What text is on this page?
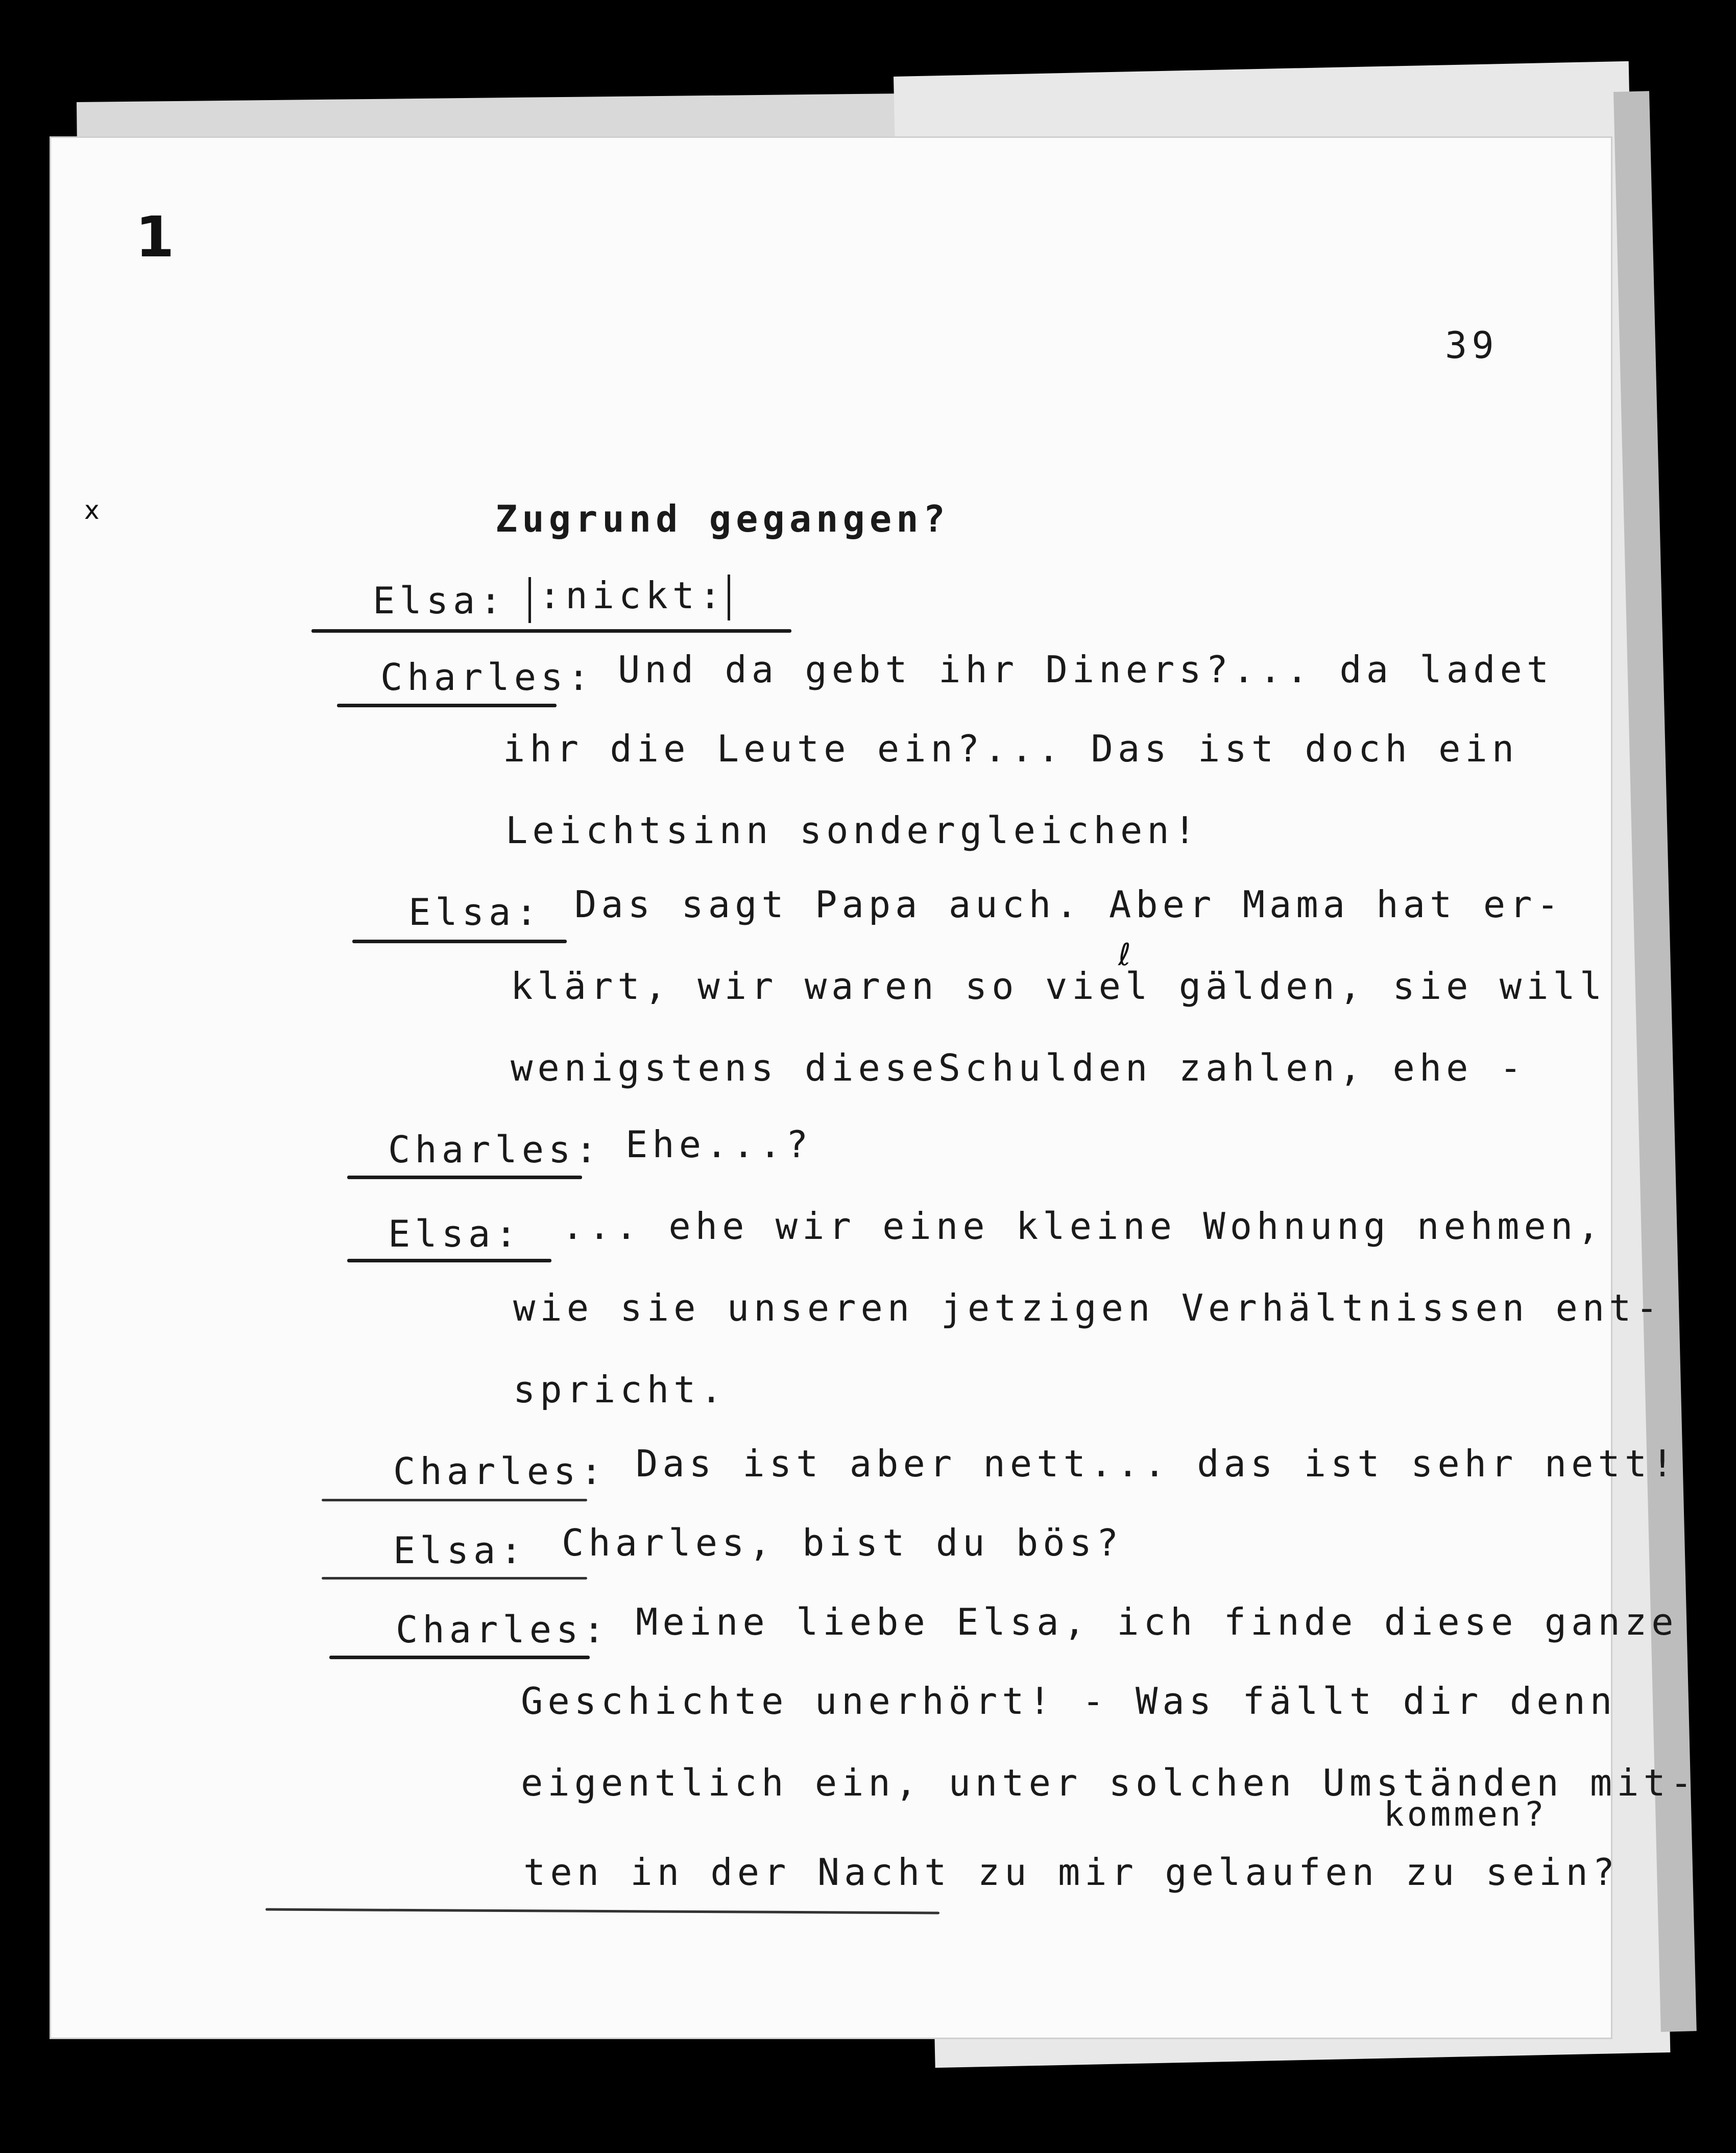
1
x
39
Zugrund gegangen?
Elsa: :nickt:
Charles: Und da gebt ihr Diners?... da ladet
ihr die Leute ein?... Das ist doch ein
Leichtsinn sondergleichen!
Elsa: Das sagt Papa auch. Aber Mama hat er-
ℓ
klärt, wir waren so viel gälden, sie will
wenigstens dieseSchulden zahlen, ehe -
Charles: Ehe...?
Elsa: ... ehe wir eine kleine Wohnung nehmen,
wie sie unseren jetzigen Verhältnissen ent-
spricht.
Charles: Das ist aber nett... das ist sehr nett!
Elsa: Charles, bist du bös?
Charles: Meine liebe Elsa, ich finde diese ganze
Geschichte unerhört! - Was fällt dir denn
eigentlich ein, unter solchen Umständen mit-
kommen?
ten in der Nacht zu mir gelaufen zu sein?
